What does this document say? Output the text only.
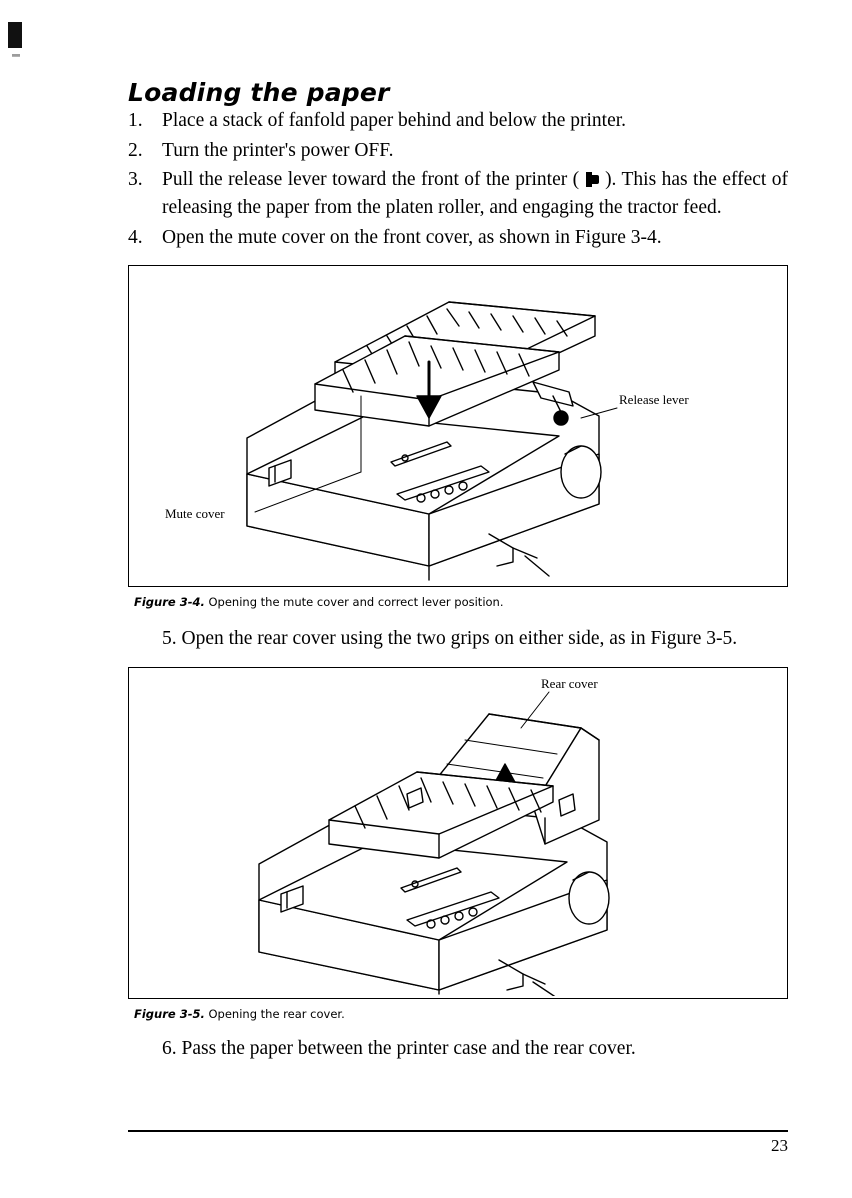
Loading the paper
1. Place a stack of fanfold paper behind and below the printer.
2. Turn the printer's power OFF.
3. Pull the release lever toward the front of the printer ( ). This has the effect of releasing the paper from the platen roller, and engaging the tractor feed.
4. Open the mute cover on the front cover, as shown in Figure 3-4.
Release lever
Mute cover
Figure 3-4. Opening the mute cover and correct lever position.
5. Open the rear cover using the two grips on either side, as in Figure 3-5.
Rear cover
Figure 3-5. Opening the rear cover.
6. Pass the paper between the printer case and the rear cover.
23
